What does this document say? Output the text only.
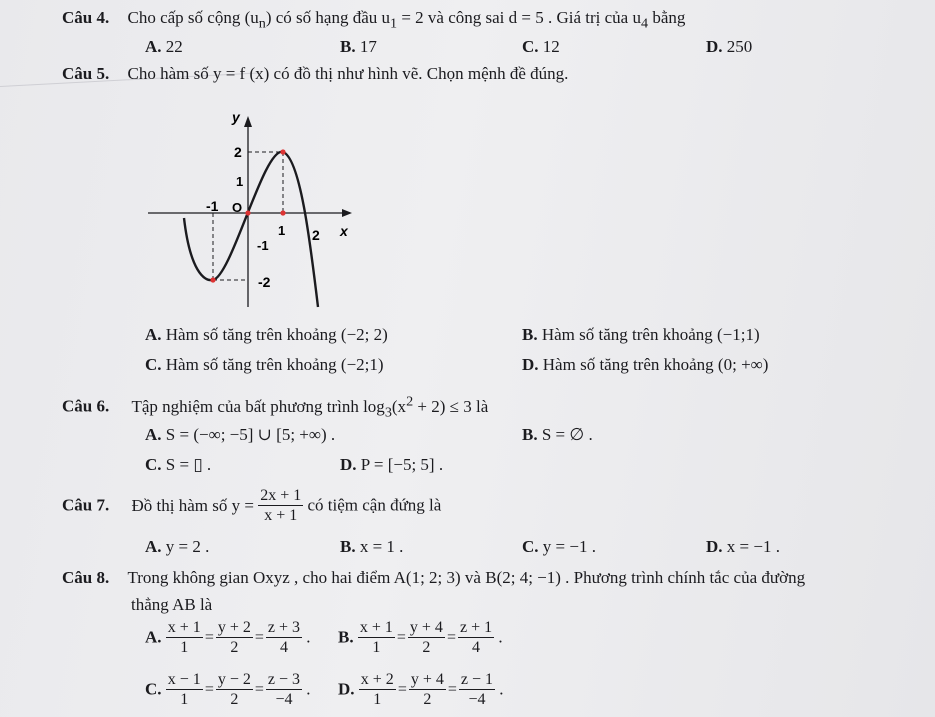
Câu 4. Cho cấp số cộng $(u_n)$ có số hạng đầu $u_1 = 2$ và công sai d = 5 . Giá trị của $u_4$ bằng
A. 22	B. 17	C. 12	D. 250
Câu 5. Cho hàm số y = f (x) có đồ thị như hình vẽ. Chọn mệnh đề đúng.
y
x
O
2
1
-1
1 2
-1
-2
A. Hàm số tăng trên khoảng (−2; 2)	B. Hàm số tăng trên khoảng (−1;1)
C. Hàm số tăng trên khoảng (−2;1)	D. Hàm số tăng trên khoảng (0; +∞)
Câu 6. Tập nghiệm của bất phương trình $\log_3(x^2 + 2) \le 3$ là
A. S = (−∞; −5] ∪ [5; +∞) .	B. S = ∅ .
C. S = ▯ .	D. P = [−5; 5] .
Câu 7. Đồ thị hàm số $y = \frac{2x + 1}{x + 1}$ có tiệm cận đứng là
A. y = 2 .	B. x = 1 .	C. y = −1 .	D. x = −1 .
Câu 8. Trong không gian Oxyz , cho hai điểm A(1; 2; 3) và B(2; 4; −1) . Phương trình chính tắc của đường
thẳng AB là
A. $\frac{x + 1}{1} = \frac{y + 2}{2} = \frac{z + 3}{4}$ . B. $\frac{x + 1}{1} = \frac{y + 4}{2} = \frac{z + 1}{4}$ .
C. $\frac{x - 1}{1} = \frac{y - 2}{2} = \frac{z - 3}{-4}$ . D. $\frac{x + 2}{1} = \frac{y + 4}{2} = \frac{z - 1}{-4}$ .
